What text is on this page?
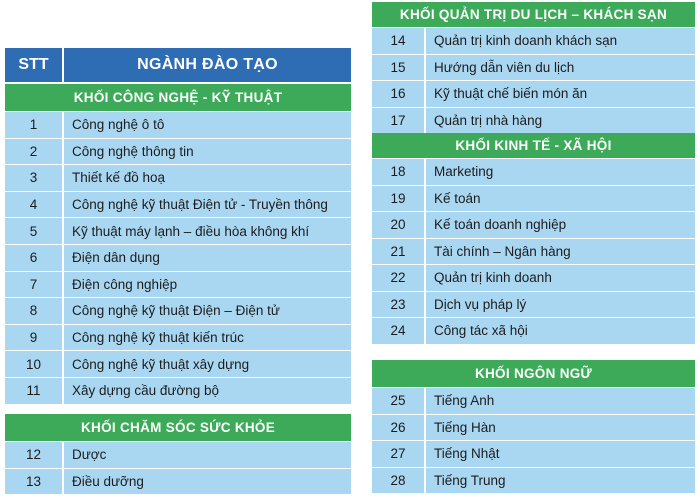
STT	NGÀNH ĐÀO TẠO
KHỐI CÔNG NGHỆ - KỸ THUẬT
1	Công nghệ ô tô
2	Công nghệ thông tin
3	Thiết kế đồ hoạ
4	Công nghệ kỹ thuật Điện tử - Truyền thông
5	Kỹ thuật máy lạnh – điều hòa không khí
6	Điện dân dụng
7	Điện công nghiệp
8	Công nghệ kỹ thuật Điện – Điện tử
9	Công nghệ kỹ thuật kiến trúc
10	Công nghệ kỹ thuật xây dựng
11	Xây dựng cầu đường bộ
KHỐI CHĂM SÓC SỨC KHỎE
12	Dược
13	Điều dưỡng
KHỐI QUẢN TRỊ DU LỊCH – KHÁCH SẠN
14	Quản trị kinh doanh khách sạn
15	Hướng dẫn viên du lịch
16	Kỹ thuật chế biến món ăn
17	Quản trị nhà hàng
KHỐI KINH TẾ - XÃ HỘI
18	Marketing
19	Kế toán
20	Kế toán doanh nghiệp
21	Tài chính – Ngân hàng
22	Quản trị kinh doanh
23	Dịch vụ pháp lý
24	Công tác xã hội
KHỐI NGÔN NGỮ
25	Tiếng Anh
26	Tiếng Hàn
27	Tiếng Nhật
28	Tiếng Trung
